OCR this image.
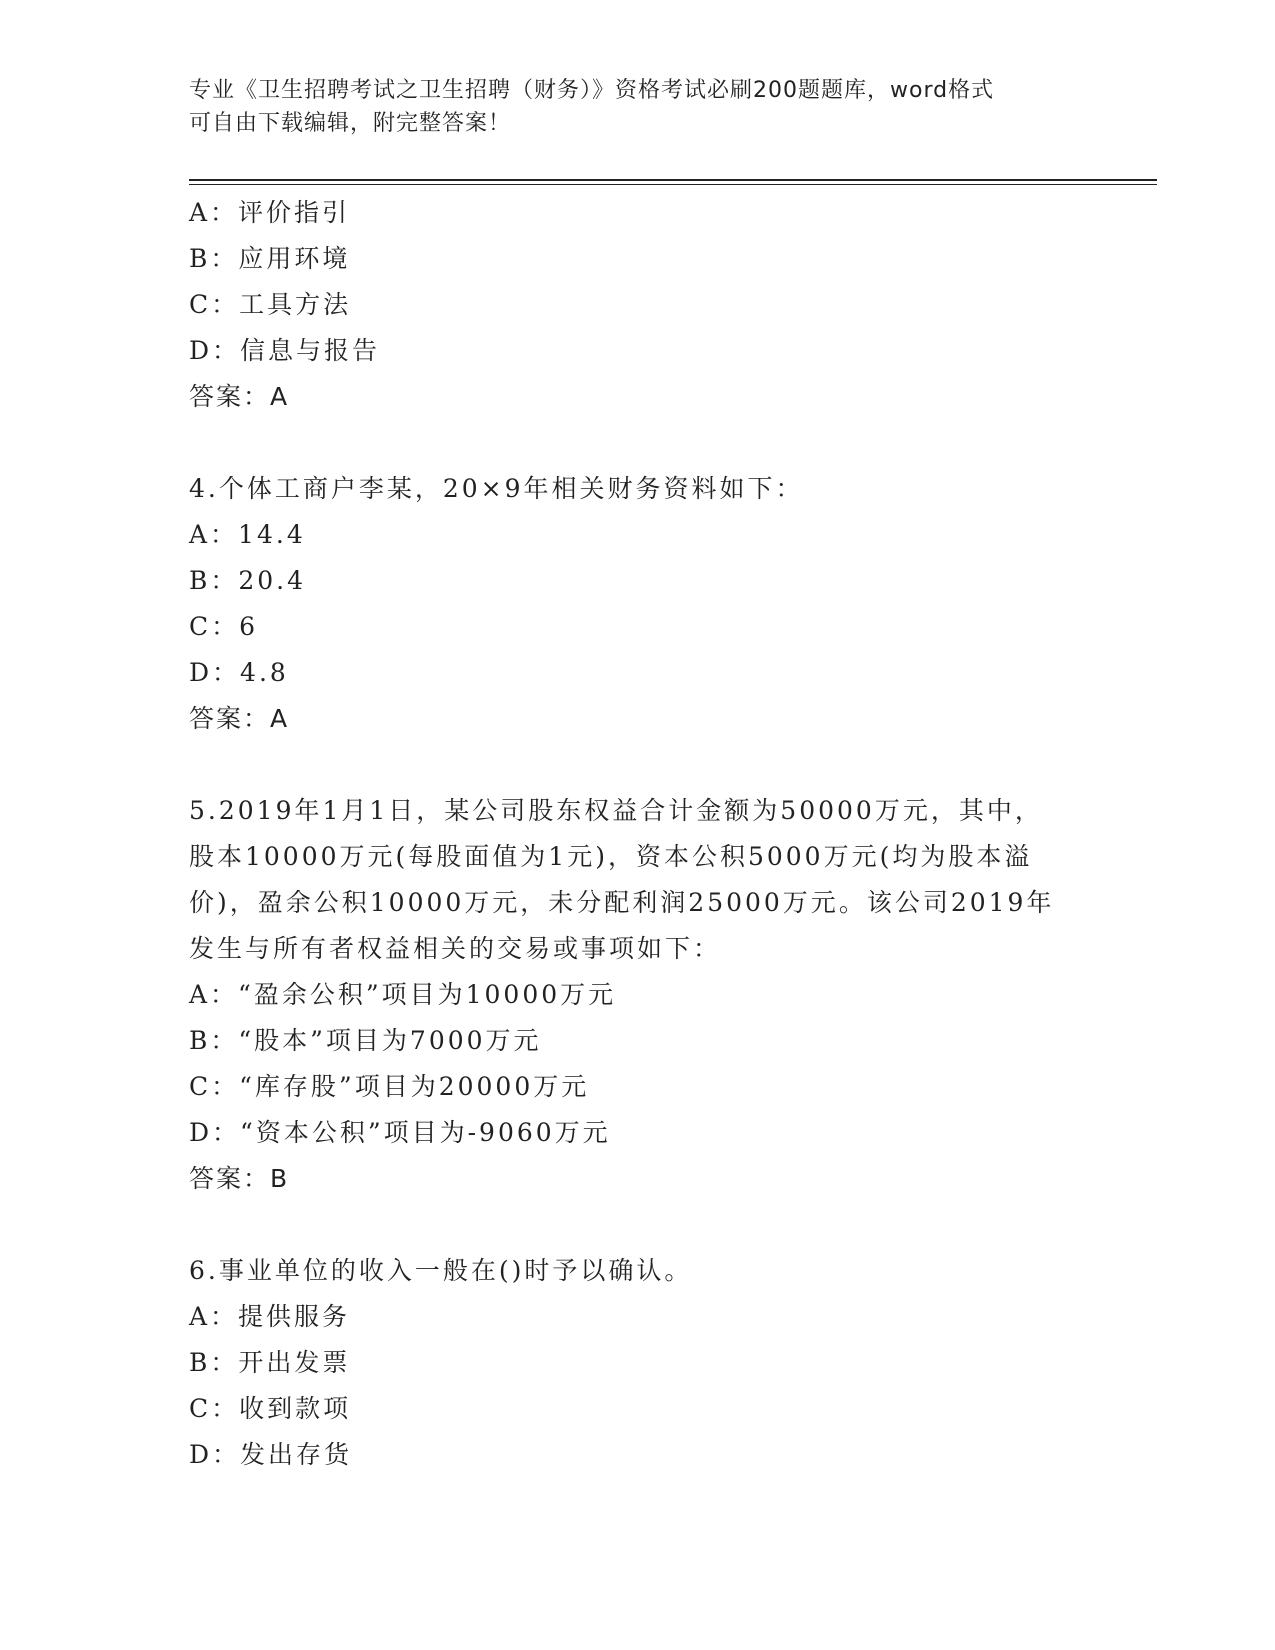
专业《卫生招聘考试之卫生招聘（财务）》资格考试必刷200题题库，word格式
可自由下载编辑，附完整答案！
A：评价指引
B：应用环境
C：工具方法
D：信息与报告
答案：A
4.个体工商户李某，20×9年相关财务资料如下：
A：14.4
B：20.4
C：6
D：4.8
答案：A
5.2019年1月1日，某公司股东权益合计金额为50000万元，其中，
股本10000万元(每股面值为1元)，资本公积5000万元(均为股本溢
价)，盈余公积10000万元，未分配利润25000万元。该公司2019年
发生与所有者权益相关的交易或事项如下：
A：“盈余公积”项目为10000万元
B：“股本”项目为7000万元
C：“库存股”项目为20000万元
D：“资本公积”项目为-9060万元
答案：B
6.事业单位的收入一般在()时予以确认。
A：提供服务
B：开出发票
C：收到款项
D：发出存货
